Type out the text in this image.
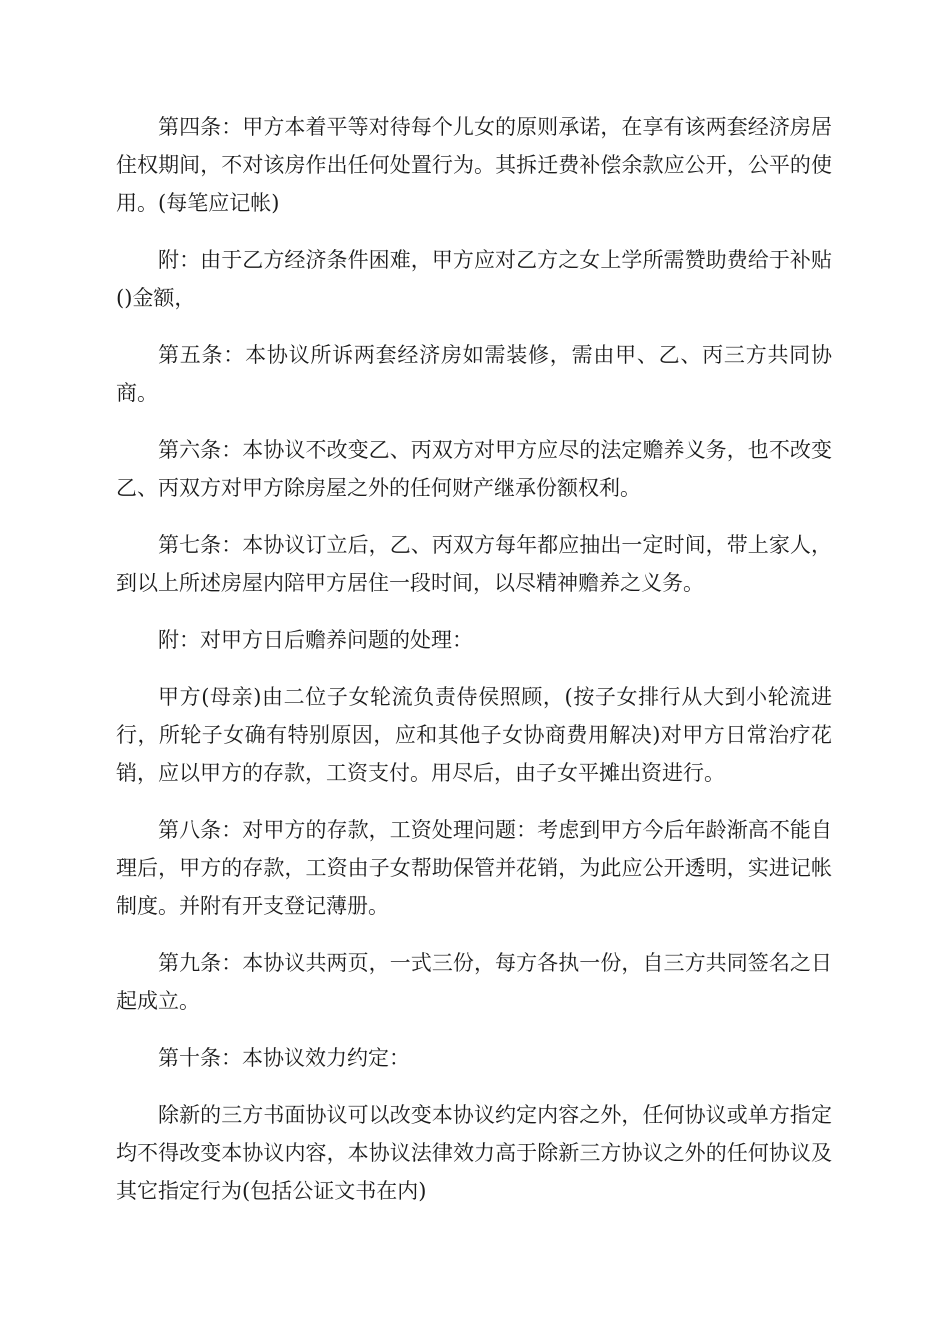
第四条：甲方本着平等对待每个儿女的原则承诺，在享有该两套经济房居住权期间，不对该房作出任何处置行为。其拆迁费补偿余款应公开，公平的使用。(每笔应记帐)

附：由于乙方经济条件困难，甲方应对乙方之女上学所需赞助费给于补贴()金额，

第五条：本协议所诉两套经济房如需装修，需由甲、乙、丙三方共同协商。

第六条：本协议不改变乙、丙双方对甲方应尽的法定赡养义务，也不改变乙、丙双方对甲方除房屋之外的任何财产继承份额权利。

第七条：本协议订立后，乙、丙双方每年都应抽出一定时间，带上家人，到以上所述房屋内陪甲方居住一段时间，以尽精神赡养之义务。

附：对甲方日后赡养问题的处理：

甲方(母亲)由二位子女轮流负责侍侯照顾，(按子女排行从大到小轮流进行，所轮子女确有特别原因，应和其他子女协商费用解决)对甲方日常治疗花销，应以甲方的存款，工资支付。用尽后，由子女平摊出资进行。

第八条：对甲方的存款，工资处理问题：考虑到甲方今后年龄渐高不能自理后，甲方的存款，工资由子女帮助保管并花销，为此应公开透明，实进记帐制度。并附有开支登记薄册。

第九条：本协议共两页，一式三份，每方各执一份，自三方共同签名之日起成立。

第十条：本协议效力约定：

除新的三方书面协议可以改变本协议约定内容之外，任何协议或单方指定均不得改变本协议内容，本协议法律效力高于除新三方协议之外的任何协议及其它指定行为(包括公证文书在内)
